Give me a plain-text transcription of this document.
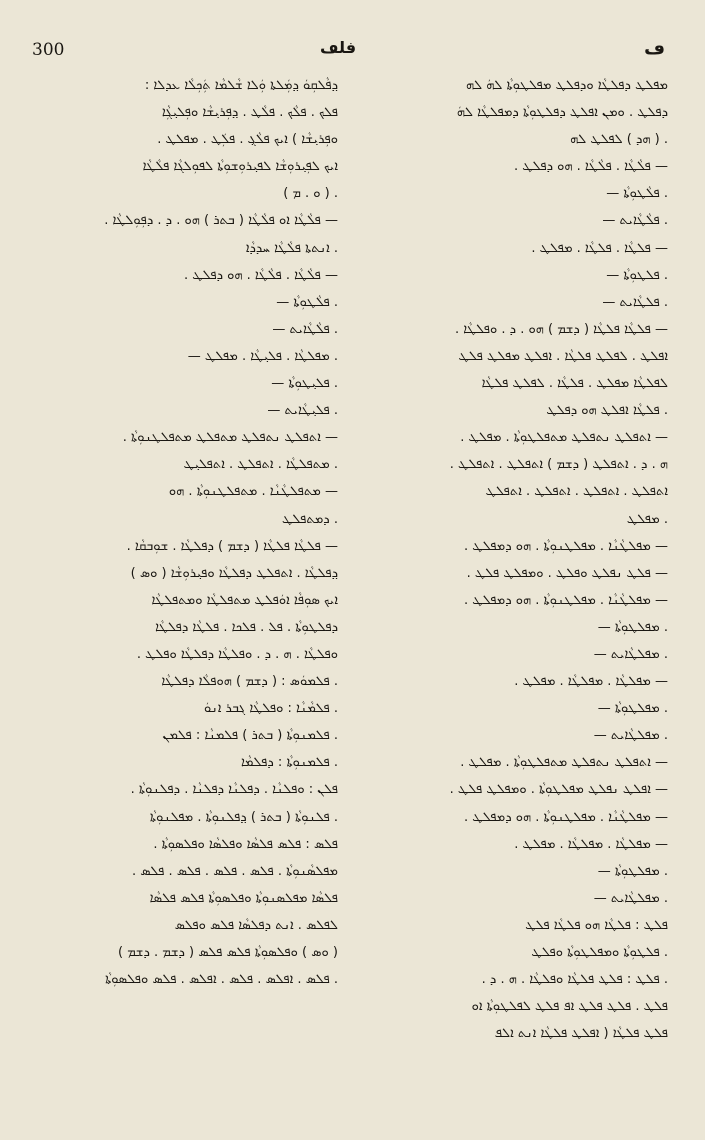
300	فلڡ	ڡ
ܕ݂ܦܵܠܩܼܘܿ ܕ݂ܡܲܠܬܐ ܘܲܠܐ ܫܵܠܡܵܐ ܬܲܟܼܠܵܐ ܥܕܠܐ :
ܦܠܟ . ܦܠܵܟ . ܦܠܵܛ . ܕ݂ܦܼܪܝ݂ܫܵܐ ܘܦܼܠܝ݂ܓܼܵܐ
ܘܦܼܪܝ݂ܫܵܐ ) ܐܝܟ ܦܠܵܓ݂ . ܦܠܲܛ . ܡܦܠܛ .
ܐܝܟ ܠܦܼܝ݂ܪܘܼܫܵܐ ܠܦܝ݂ܪܘܼܫܘܼܬܵܐ ܠܦܘܼܠܓܵܐ ܦܠܵܛܵܐ
. ( ܘ . ܡ )
— ܦܠܵܛܵܐ ܐܘ ܦܠܵܛܵܐ ( ܒܬܪ ) ܗܘ . ܕ . ܕܦܼܘܼܠܛܵܐ .
. ܐܢܬܬܐ ܦܠܵܛܵܐ ܚܕܕܵܐ
— ܦܠܵܛܵܐ . ܦܠܵܛܵܐ . ܗܘ ܕܦܠܛ .
. ܦܠܵܛܘܼܬܵܐ —
. ܦܠܵܛܵܐܝܬ —
. ܡܦܠܛܵܐ . ܦܠܝ݂ܛܵܐ . ܡܦܠܛ —
. ܦܠܝ݂ܛܘܼܬܵܐ —
. ܦܠܝ݂ܛܵܐܝܬ —
— ܐܬܦܠܛ ܢܬܦܠܛ ܡܬܦܠܛ ܡܬܦܠܛܢܘܼܬܵܐ .
. ܡܬܦܠܛܵܐ . ܐܬܦܠܛ . ܐܬܦܠܝ݂ܛ
— ܡܬܦܠܛܵܢܵܐ . ܡܬܦܠܛܢܘܼܬܵܐ . ܗܘ
. ܕܡܬܦܠܛ
— ܦܠܛܵܐ ܦܠܛܵܐ ( ܕܫܡ ) ܕܦܠܛܵܐ . ܫܘܼܒܩܵܐ .
ܕ݂ܦܠܛܵܐ . ܐܬܦܠܛ ܕܦܠܛܵܐ ܘܦܝ݂ܪܘܼܫܵܐ ( ܘܣ )
ܐܝܟ ܣܘܼܦܵܐ ܐܘܿܦܠܛ ܡܬܦܠܛܵܐ ܘܡܬܦܠܛܵܐ
ܕܦܠܛܘܼܬܵܐ . ܦܠ . ܦܠܟܐ . ܦܠܛܵܐ ܕܦܠܛܵܐ
ܘܦܠܛܵܐ . ܗ . ܕ . ܘܦܠܛܵܐ ܕܦܠܛܵܐ ܘܦܠܛ .
. ܦܠܡܘܿܣ : ( ܕܫܡ ) ܗܘܦܠܵܐ ܕܦܠܛܵܐ
. ܦܠܡܵܢܵܐ : ܘܦܠܛܵܐ ܓܒܪ ܐܢܘܿ
. ܦܠܡܢܘܼܬܵܐ ( ܒܬܪ ) ܦܠܡܢܵܐ : ܦܠܡܢ
. ܦܠܡܢܘܼܬܵܐ : ܕܦܠܡܵܐ
ܦܠܢ : ܘܦܠܢܵܐ . ܕܦܠܢܵܐ ܕܦܠܢܵܐ . ܕܦܠܢܘܼܬܵܐ .
. ܦܠܢܘܼܬܵܐ ( ܒܬܪ ) ܕ݂ܦܠܢܘܼܬܵܐ . ܡܦܠܢܘܼܬܵܐ
ܦܠܣ : ܦܠܣ ܦܠܣܵܐ ܘܦܠܣܵܐ ܘܦܠܣܘܼܬܵܐ .
ܡܦܠܣܵܢܘܼܬܵܐ . ܦܠܣ . ܦܠܣ . ܦܠܣ . ܦܠܣ .
ܦܠܣܵܐ ܡܦܠܣܢܘܼܬܵܐ ܘܦܠܣܘܼܬܵܐ ܦܠܣ ܦܠܣܵܐ
ܠܦܠܣ . ܐܢܬ ܕܦܠܣܵܐ ܦܠܣ ܘܦܠܣ
( ܘܣ ) ܘܦܠܣܘܼܬܵܐ ܦܠܣ ܦܠܣ ( ܕܫܡ . ܕܫܡ )
. ܦܠܣ . ܐܦܠܣ . ܦܠܣ . ܐܦܠܣ . ܦܠܣ ܘܦܠܣܘܼܬܵܐ
ܡܦܠܛ ܕܦܠܛܵܐ ܘܕܦܠܛ ܡܦܠܛܘܼܬܵܐ ܠܗܿ ܠܗ
ܕܦܠܛ . ܘܡܢ ܐܦܠܛ ܕܦܠܛܘܼܬܵܐ ܕܡܦܠܛܵܐ ܠܗܿ
. ( ܗܕ ) ܠܦܠܛ ܠܗ
— ܦܠܵܛܵܐ . ܦܠܵܛܵܐ . ܗܘ ܕܦܠܛ .
. ܦܠܵܛܘܼܬܵܐ —
. ܦܠܵܛܵܐܝܬ —
— ܦܠܛܵܐ . ܦܠܛܵܐ . ܡܦܠܛ .
. ܦܠܛܘܼܬܵܐ —
. ܦܠܛܵܐܝܬ —
— ܦܠܛܵܐ ܦܠܛܵܐ ( ܕܫܡ ) ܗܘ . ܕ . ܘܦܠܛܵܐ .
ܐܦܠܛ . ܠܦܠܛ ܦܠܛܵܐ . ܐܦܠܛ ܡܦܠܛ ܦܠܛ
ܠܦܠܛܵܐ ܡܦܠܛ . ܦܠܛܵܐ . ܠܦܠܛ ܦܠܛܵܐ
. ܦܠܛܵܐ ܐܦܠܛ ܗܘ ܕܦܠܛ
— ܐܬܦܠܛ ܢܬܦܠܛ ܡܬܦܠܛܘܼܬܵܐ . ܡܦܠܛ .
ܗ . ܕ . ܐܬܦܠܛ ( ܕܫܡ ) ܐܬܦܠܛ . ܐܬܦܠܛ .
ܐܬܦܠܛ . ܐܬܦܠܛ . ܐܬܦܠܛ . ܐܬܦܠܛ
. ܡܦܠܛ
— ܡܦܠܛܵܢܵܐ . ܡܦܠܛܢܘܼܬܵܐ . ܗܘ ܕܡܦܠܛ .
— ܦܠܛ ܢܦܠܛ ܘܦܠܛ . ܘܡܦܠܛ ܦܠܛ .
— ܡܦܠܛܵܢܵܐ . ܡܦܠܛܢܘܼܬܵܐ . ܗܘ ܕܡܦܠܛ .
. ܡܦܠܛܘܼܬܵܐ —
. ܡܦܠܛܵܐܝܬ —
— ܡܦܠܛܵܐ . ܡܦܠܛܵܐ . ܡܦܠܛ .
. ܡܦܠܛܘܼܬܵܐ —
. ܡܦܠܛܵܐܝܬ —
— ܐܬܦܠܛ ܢܬܦܠܛ ܡܬܦܠܛܘܼܬܵܐ . ܡܦܠܛ .
— ܐܦܠܛ ܢܦܠܛ ܡܦܠܛܘܼܬܵܐ . ܘܡܦܠܛ ܦܠܛ .
— ܡܦܠܛܵܢܵܐ . ܡܦܠܛܢܘܼܬܵܐ . ܗܘ ܕܡܦܠܛ .
— ܡܦܠܛܵܐ . ܡܦܠܛܵܐ . ܡܦܠܛ .
. ܡܦܠܛܘܼܬܵܐ —
. ܡܦܠܛܵܐܝܬ —
ܦܠܛ : ܦܠܛܵܐ ܗܘ ܦܠܛܵܐ ܦܠܛ
. ܦܠܛܘܼܬܵܐ ܘܡܦܠܛܘܼܬܵܐ ܘܦܠܛ
. ܦܠܛ : ܦܠܛ ܦܠܛܵܐ ܘܦܠܛܵܐ . ܗ . ܕ .
ܦܠܛ . ܦܠܛ ܦܠܛ ܐܦ ܦܠܛ ܠܦܠܛܘܼܬܵܐ ܐܘ
ܦܠܛ ܦܠܛܵܐ ( ܐܦܠܛ ܦܠܛܵܐ ܐܢܬ ܐܠܦ
